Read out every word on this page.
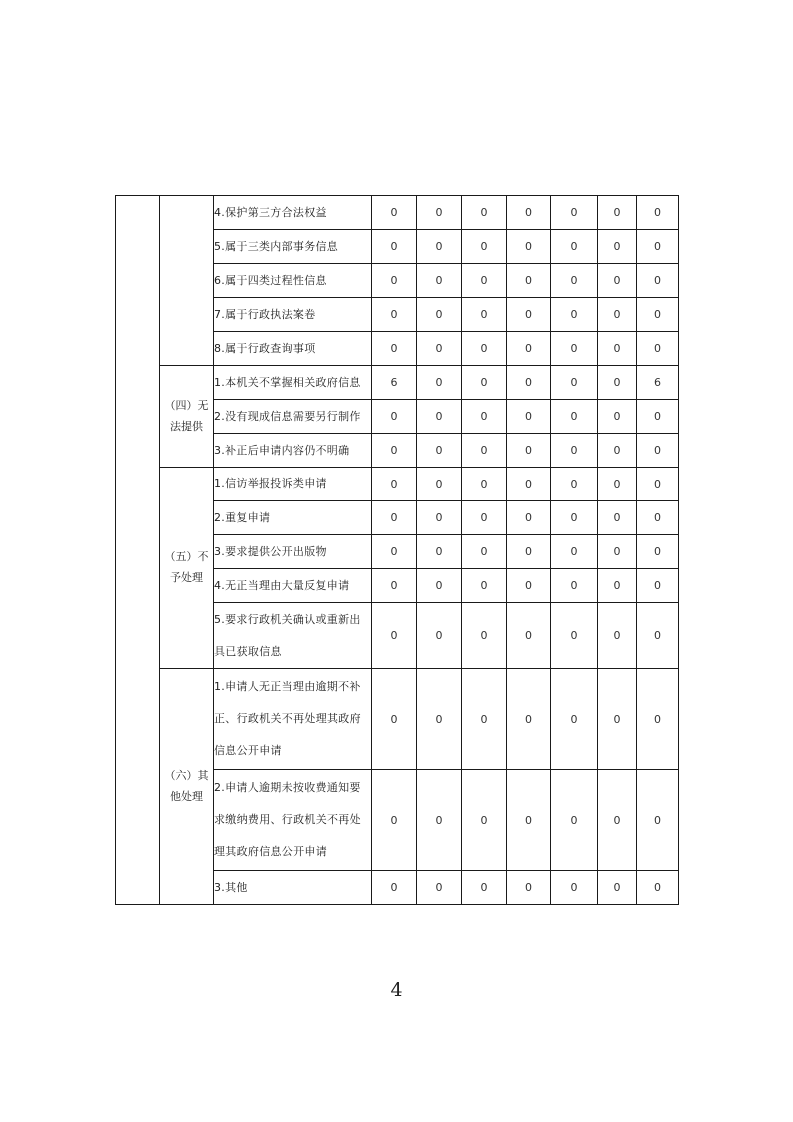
		4.保护第三方合法权益	0	0	0	0	0	0	0
		5.属于三类内部事务信息	0	0	0	0	0	0	0
		6.属于四类过程性信息	0	0	0	0	0	0	0
		7.属于行政执法案卷	0	0	0	0	0	0	0
		8.属于行政查询事项	0	0	0	0	0	0	0
	（四）无法提供	1.本机关不掌握相关政府信息	6	0	0	0	0	0	6
		2.没有现成信息需要另行制作	0	0	0	0	0	0	0
		3.补正后申请内容仍不明确	0	0	0	0	0	0	0
	（五）不予处理	1.信访举报投诉类申请	0	0	0	0	0	0	0
		2.重复申请	0	0	0	0	0	0	0
		3.要求提供公开出版物	0	0	0	0	0	0	0
		4.无正当理由大量反复申请	0	0	0	0	0	0	0
		5.要求行政机关确认或重新出具已获取信息	0	0	0	0	0	0	0
	（六）其他处理	1.申请人无正当理由逾期不补正、行政机关不再处理其政府信息公开申请	0	0	0	0	0	0	0
		2.申请人逾期未按收费通知要求缴纳费用、行政机关不再处理其政府信息公开申请	0	0	0	0	0	0	0
		3.其他	0	0	0	0	0	0	0
4
